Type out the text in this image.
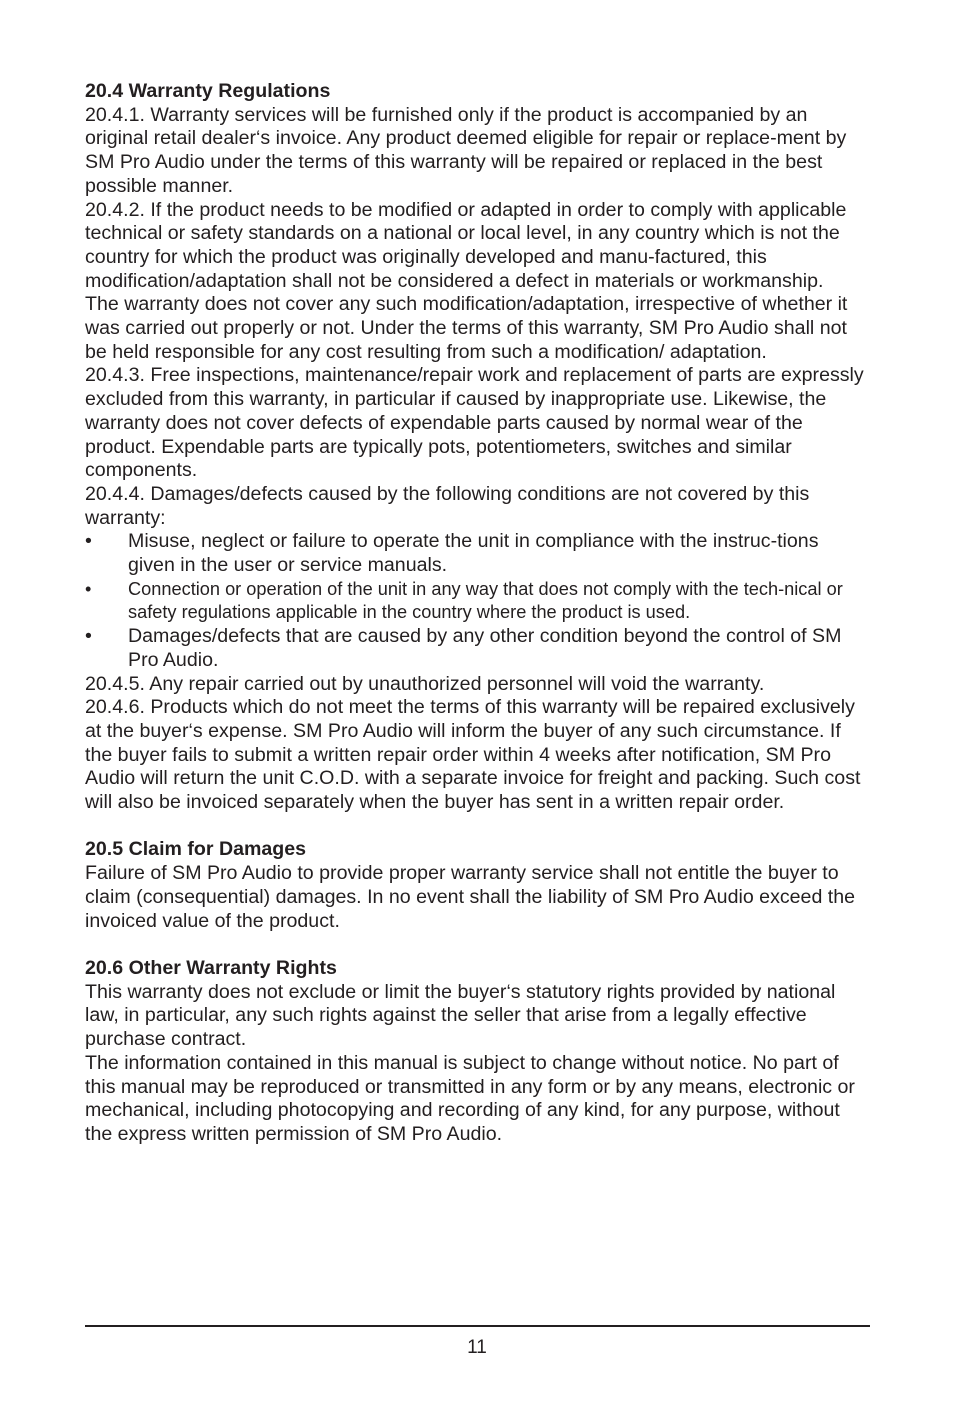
20.4 Warranty Regulations

20.4.1. Warranty services will be furnished only if the product is accompanied by an original retail dealer‘s invoice. Any product deemed eligible for repair or replace-ment by SM Pro Audio under the terms of this warranty will be repaired or replaced in the best possible manner.

20.4.2. If the product needs to be modified or adapted in order to comply with applicable technical or safety standards on a national or local level, in any country which is not the country for which the product was originally developed and manu-factured, this modification/adaptation shall not be considered a defect in materials or workmanship.

The warranty does not cover any such modification/adaptation, irrespective of whether it was carried out properly or not. Under the terms of this warranty, SM Pro Audio shall not be held responsible for any cost resulting from such a modification/ adaptation.

20.4.3. Free inspections, maintenance/repair work and replacement of parts are expressly excluded from this warranty, in particular if caused by inappropriate use. Likewise, the warranty does not cover defects of expendable parts caused by normal wear of the product. Expendable parts are typically pots, potentiometers, switches and similar components.

20.4.4. Damages/defects caused by the following conditions are not covered by this warranty:

• Misuse, neglect or failure to operate the unit in compliance with the instruc-tions given in the user or service manuals.
• Connection or operation of the unit in any way that does not comply with the tech-nical or safety regulations applicable in the country where the product is used.
• Damages/defects that are caused by any other condition beyond the control of SM Pro Audio.

20.4.5. Any repair carried out by unauthorized personnel will void the warranty.

20.4.6. Products which do not meet the terms of this warranty will be repaired exclusively at the buyer‘s expense. SM Pro Audio will inform the buyer of any such circumstance. If the buyer fails to submit a written repair order within 4 weeks after notification, SM Pro Audio will return the unit C.O.D. with a separate invoice for freight and packing. Such cost will also be invoiced separately when the buyer has sent in a written repair order.

20.5 Claim for Damages

Failure of SM Pro Audio to provide proper warranty service shall not entitle the buyer to claim (consequential) damages. In no event shall the liability of SM Pro Audio exceed the invoiced value of the product.

20.6 Other Warranty Rights

This warranty does not exclude or limit the buyer‘s statutory rights provided by national law, in particular, any such rights against the seller that arise from a legally effective purchase contract.

The information contained in this manual is subject to change without notice. No part of this manual may be reproduced or transmitted in any form or by any means, electronic or mechanical, including photocopying and recording of any kind, for any purpose, without the express written permission of SM Pro Audio.

11
